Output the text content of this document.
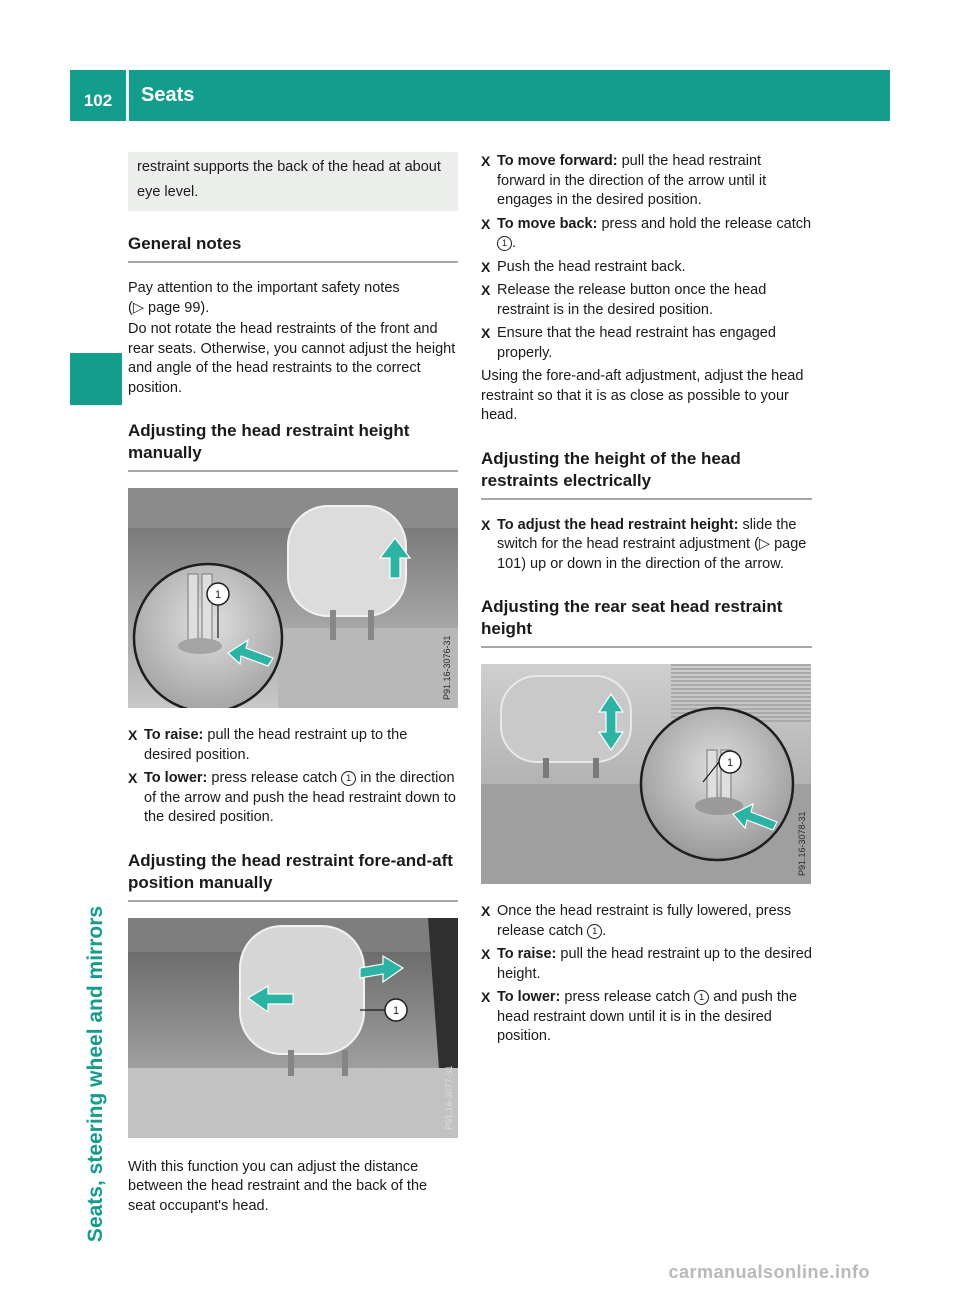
102	Seats
Seats, steering wheel and mirrors
restraint supports the back of the head at about eye level.
General notes

Pay attention to the important safety notes
(▷ page 99).

Do not rotate the head restraints of the front and rear seats. Otherwise, you cannot adjust the height and angle of the head restraints to the correct position.

Adjusting the head restraint height manually
1
P91.16-3076-31
X To raise: pull the head restraint up to the desired position.
X To lower: press release catch 1 in the direction of the arrow and push the head restraint down to the desired position.
Adjusting the head restraint fore-and-aft position manually
1
P91.16-3077-31

With this function you can adjust the distance between the head restraint and the back of the seat occupant's head.

X To move forward: pull the head restraint forward in the direction of the arrow until it engages in the desired position.
X To move back: press and hold the release catch 1 .
X Push the head restraint back.
X Release the release button once the head restraint is in the desired position.
X Ensure that the head restraint has engaged properly.

Using the fore-and-aft adjustment, adjust the head restraint so that it is as close as possible to your head.

Adjusting the height of the head restraints electrically
X To adjust the head restraint height: slide the switch for the head restraint adjustment (▷ page 101) up or down in the direction of the arrow.
Adjusting the rear seat head restraint height
1
P91.16-3078-31
X Once the head restraint is fully lowered, press release catch 1 .
X To raise: pull the head restraint up to the desired height.
X To lower: press release catch 1 and push the head restraint down until it is in the desired position.
carmanualsonline.info
